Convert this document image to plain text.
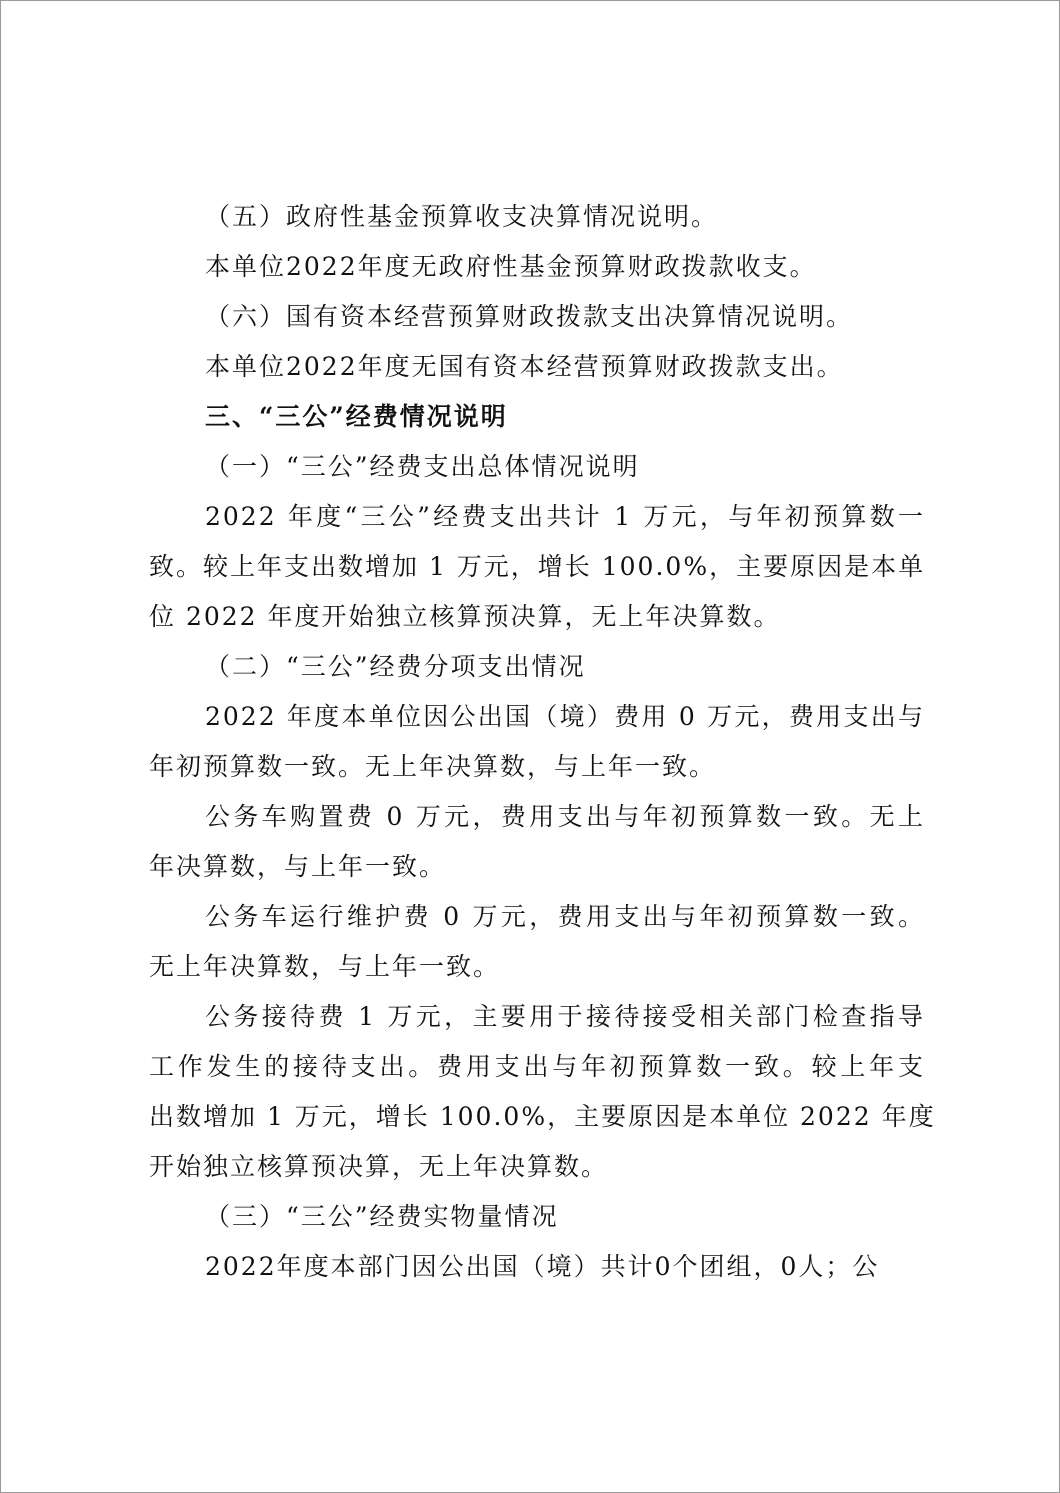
（五）政府性基金预算收支决算情况说明。
本单位2022年度无政府性基金预算财政拨款收支。
（六）国有资本经营预算财政拨款支出决算情况说明。
本单位2022年度无国有资本经营预算财政拨款支出。
三、“三公”经费情况说明
（一）“三公”经费支出总体情况说明
2022 年度“三公”经费支出共计 1 万元，与年初预算数一
致。较上年支出数增加 1 万元，增长 100.0%，主要原因是本单
位 2022 年度开始独立核算预决算，无上年决算数。
（二）“三公”经费分项支出情况
2022 年度本单位因公出国（境）费用 0 万元，费用支出与
年初预算数一致。无上年决算数，与上年一致。
公务车购置费 0 万元，费用支出与年初预算数一致。无上
年决算数，与上年一致。
公务车运行维护费 0 万元，费用支出与年初预算数一致。
无上年决算数，与上年一致。
公务接待费 1 万元，主要用于接待接受相关部门检查指导
工作发生的接待支出。费用支出与年初预算数一致。较上年支
出数增加 1 万元，增长 100.0%，主要原因是本单位 2022 年度
开始独立核算预决算，无上年决算数。
（三）“三公”经费实物量情况
2022年度本部门因公出国（境）共计0个团组，0人；公
